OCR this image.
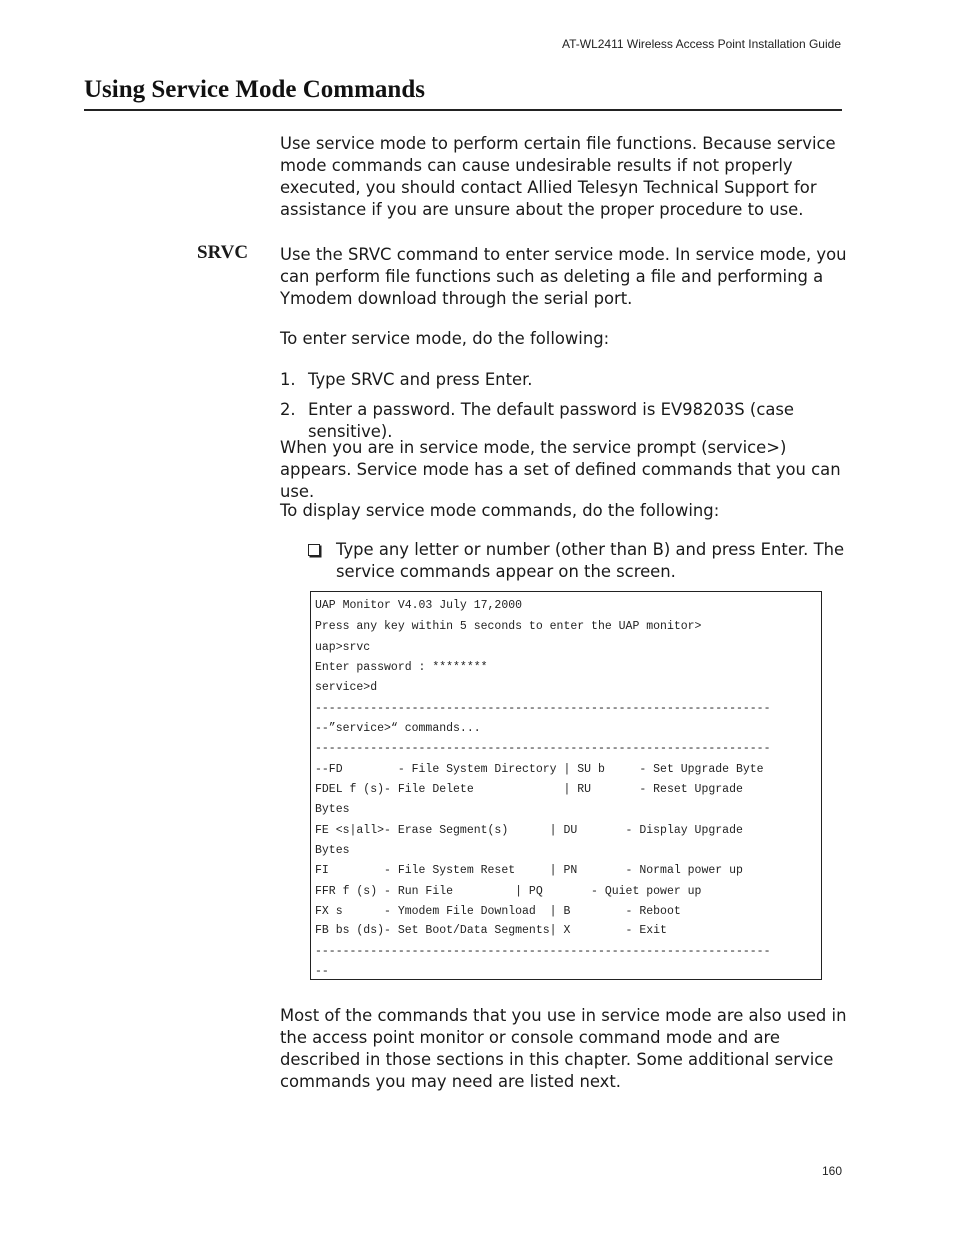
AT-WL2411 Wireless Access Point Installation Guide
Using Service Mode Commands

Use service mode to perform certain file functions. Because service mode commands can cause undesirable results if not properly executed, you should contact Allied Telesyn Technical Support for assistance if you are unsure about the proper procedure to use.

SRVC Use the SRVC command to enter service mode. In service mode, you can perform file functions such as deleting a file and performing a Ymodem download through the serial port.

To enter service mode, do the following:

1. Type SRVC and press Enter.
2. Enter a password. The default password is EV98203S (case sensitive).

When you are in service mode, the service prompt (service>) appears. Service mode has a set of defined commands that you can use.

To display service mode commands, do the following:

Type any letter or number (other than B) and press Enter. The service commands appear on the screen.
UAP Monitor V4.03 July 17,2000
Press any key within 5 seconds to enter the UAP monitor>
uap>srvc
Enter password : ********
service>d
------------------------------------------------------------------
--”service>“ commands...
------------------------------------------------------------------
--FD        - File System Directory | SU b     - Set Upgrade Byte
FDEL f (s)- File Delete             | RU       - Reset Upgrade
Bytes
FE <s|all>- Erase Segment(s)      | DU       - Display Upgrade
Bytes
FI        - File System Reset     | PN       - Normal power up
FFR f (s) - Run File         | PQ       - Quiet power up
FX s      - Ymodem File Download  | B        - Reboot
FB bs (ds)- Set Boot/Data Segments| X        - Exit
------------------------------------------------------------------
--

Most of the commands that you use in service mode are also used in the access point monitor or console command mode and are described in those sections in this chapter. Some additional service commands you may need are listed next.

160
